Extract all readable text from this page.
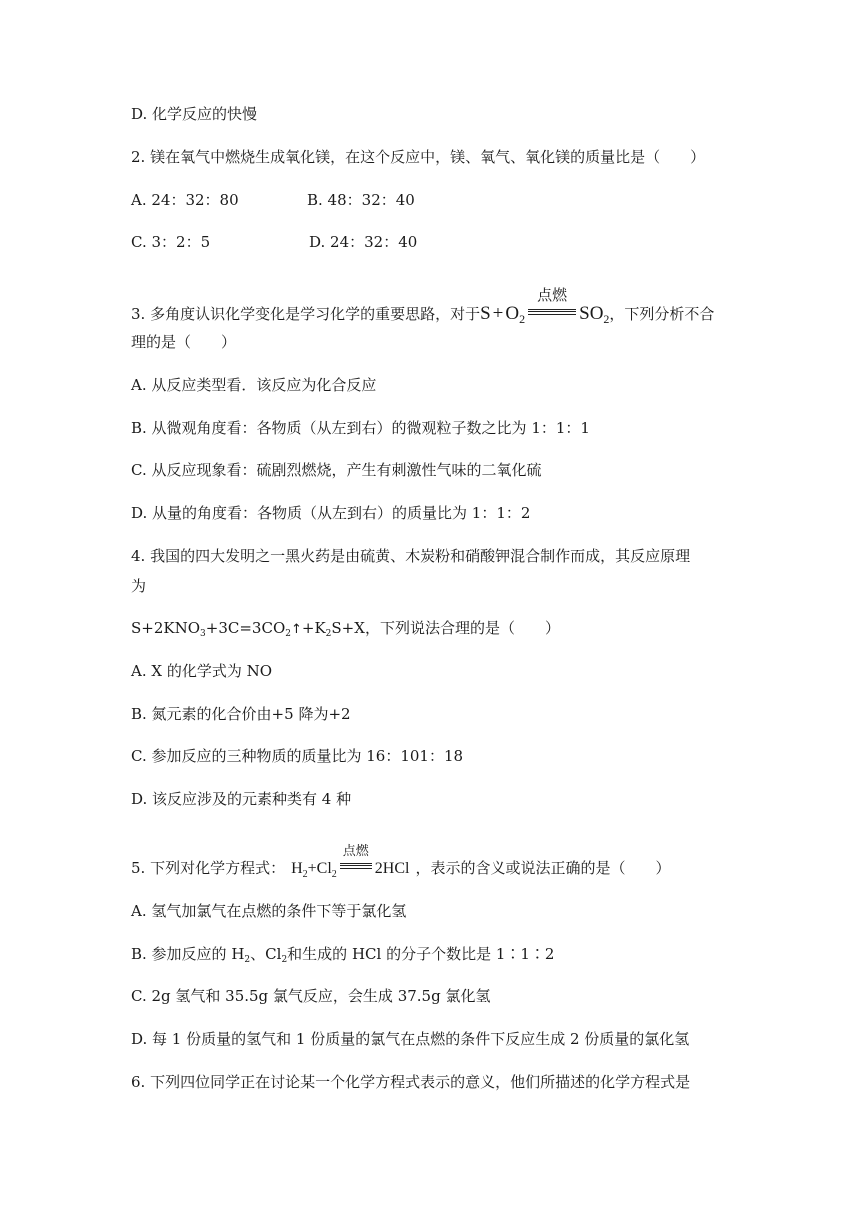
D. 化学反应的快慢
2. 镁在氧气中燃烧生成氧化镁，在这个反应中，镁、氧气、氧化镁的质量比是（　　）
A. 24：32：80	B. 48：32：40
C. 3：2：5	D. 24：32：40
3. 多角度认识化学变化是学习化学的重要思路，对于$S + O_2$
点燃
$SO_2$，下列分析不合
理的是（　　）
A. 从反应类型看．该反应为化合反应
B. 从微观角度看：各物质（从左到右）的微观粒子数之比为 1：1：1
C. 从反应现象看：硫剧烈燃烧，产生有刺激性气味的二氧化硫
D. 从量的角度看：各物质（从左到右）的质量比为 1：1：2
4. 我国的四大发明之一黑火药是由硫黄、木炭粉和硝酸钾混合制作而成，其反应原理
为
$S+2KNO_3+3C=3CO_2↑+K_2S+X$，下列说法合理的是（　　）
A. X 的化学式为 NO
B. 氮元素的化合价由+5 降为+2
C. 参加反应的三种物质的质量比为 16：101：18
D. 该反应涉及的元素种类有 4 种
5. 下列对化学方程式： $H_2+Cl_2$
点燃
2HCl ，表示的含义或说法正确的是（　　）
A. 氢气加氯气在点燃的条件下等于氯化氢
B. 参加反应的 $H_2$、$Cl_2$和生成的 HCl 的分子个数比是 1∶1∶2
C. 2g 氢气和 35.5g 氯气反应，会生成 37.5g 氯化氢
D. 每 1 份质量的氢气和 1 份质量的氯气在点燃的条件下反应生成 2 份质量的氯化氢
6. 下列四位同学正在讨论某一个化学方程式表示的意义，他们所描述的化学方程式是
